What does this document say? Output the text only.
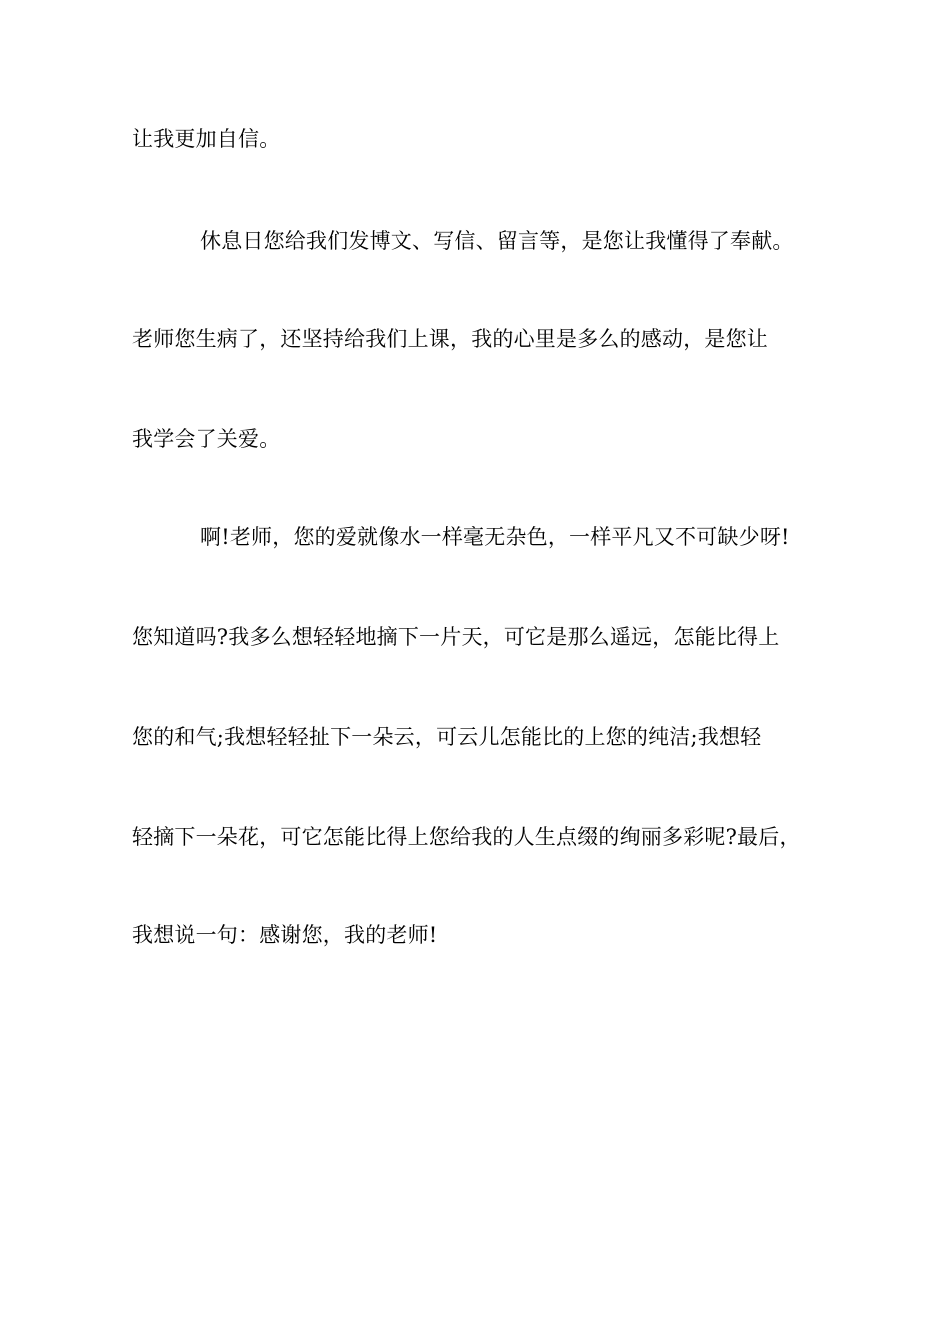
让我更加自信。
休息日您给我们发博文、写信、留言等，是您让我懂得了奉献。
老师您生病了，还坚持给我们上课，我的心里是多么的感动，是您让
我学会了关爱。
啊!老师，您的爱就像水一样毫无杂色，一样平凡又不可缺少呀!
您知道吗?我多么想轻轻地摘下一片天，可它是那么遥远，怎能比得上
您的和气;我想轻轻扯下一朵云，可云儿怎能比的上您的纯洁;我想轻
轻摘下一朵花，可它怎能比得上您给我的人生点缀的绚丽多彩呢?最后，
我想说一句：感谢您，我的老师!
